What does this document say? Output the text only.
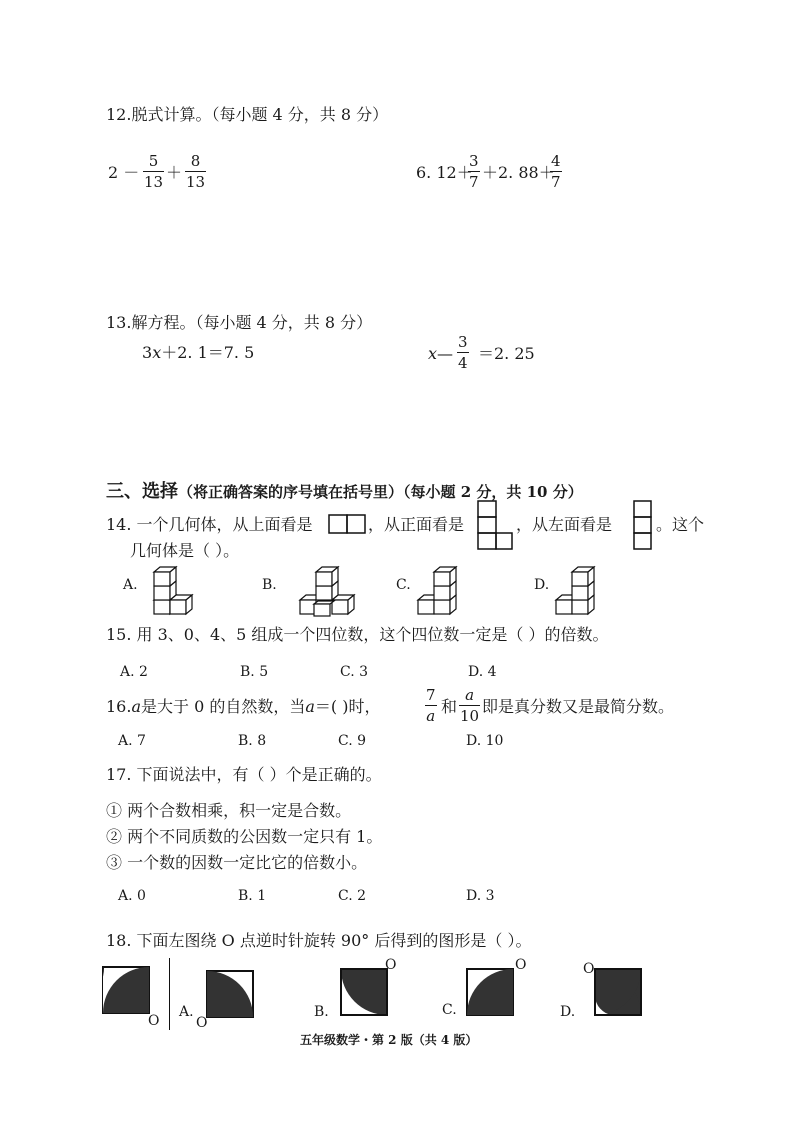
12.脱式计算。（每小题 4 分，共 8 分）
2 －
5
13 ＋
8
13	6. 12＋
3
7 ＋2. 88＋
4
7
13.解方程。（每小题 4 分，共 8 分）
3x＋2. 1＝7. 5	x—
3
4 ＝2. 25
三、选择（将正确答案的序号填在括号里）（每小题 2 分，共 10 分）
14. 一个几何体，从上面看是	，从正面看是	，从左面看是	。这个
几何体是（ ）。
A.	B.	C.	D.
15. 用 3、0、4、5 组成一个四位数，这个四位数一定是（ ）的倍数。
A. 2	B. 5	C. 3	D. 4
16.a是大于 0 的自然数，当a＝( )时，
7
a 和
a
10 即是真分数又是最简分数。
A. 7	B. 8	C. 9	D. 10
17. 下面说法中，有（ ）个是正确的。
① 两个合数相乘，积一定是合数。
② 两个不同质数的公因数一定只有 1。
③ 一个数的因数一定比它的倍数小。
A. 0	B. 1	C. 2	D. 3
18. 下面左图绕 O 点逆时针旋转 90° 后得到的图形是（ ）。
O
A.
O
B.
O
C.
O
D.
O
五年级数学・第 2 版（共 4 版）
